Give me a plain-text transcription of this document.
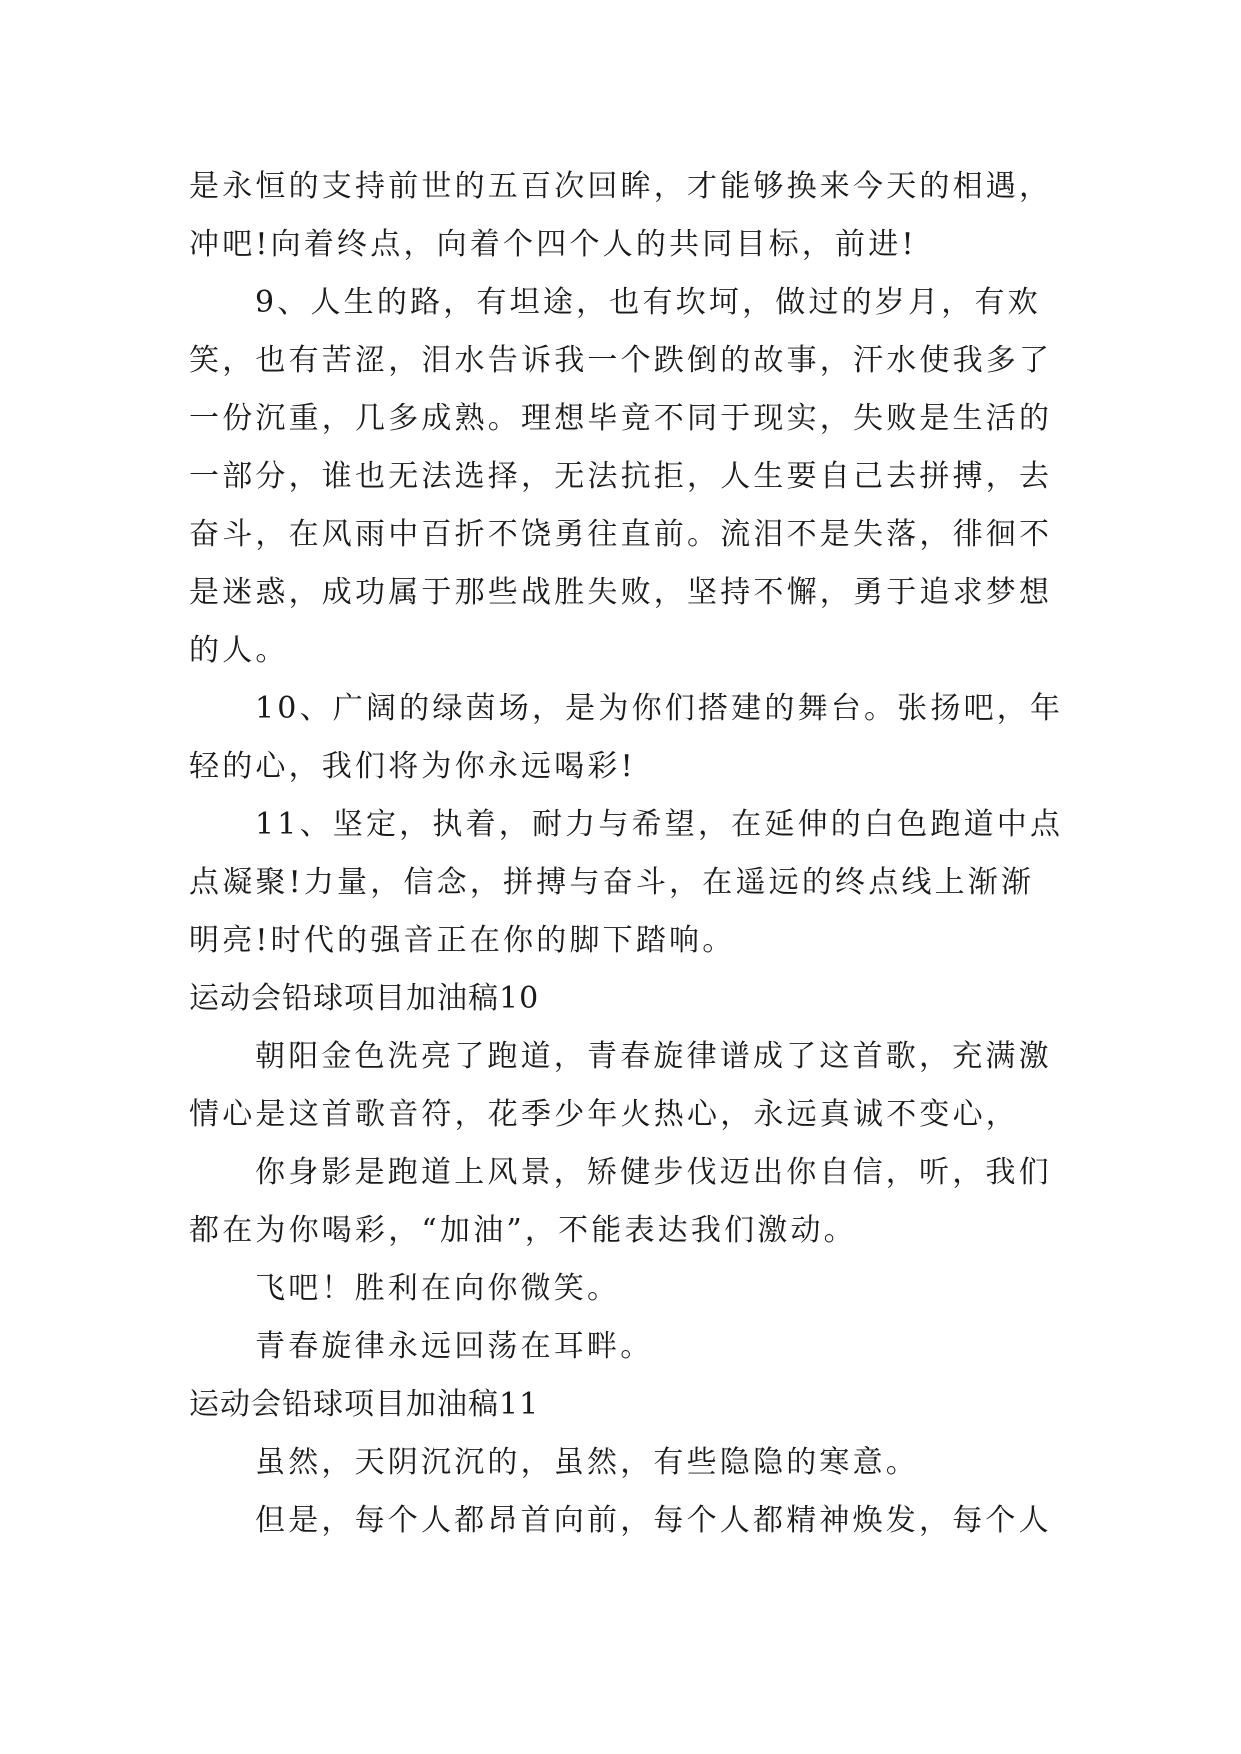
是永恒的支持前世的五百次回眸，才能够换来今天的相遇，
冲吧!向着终点，向着个四个人的共同目标，前进!
9、人生的路，有坦途，也有坎坷，做过的岁月，有欢
笑，也有苦涩，泪水告诉我一个跌倒的故事，汗水使我多了
一份沉重，几多成熟。理想毕竟不同于现实，失败是生活的
一部分，谁也无法选择，无法抗拒，人生要自己去拼搏，去
奋斗，在风雨中百折不饶勇往直前。流泪不是失落，徘徊不
是迷惑，成功属于那些战胜失败，坚持不懈，勇于追求梦想
的人。
10、广阔的绿茵场，是为你们搭建的舞台。张扬吧，年
轻的心，我们将为你永远喝彩!
11、坚定，执着，耐力与希望，在延伸的白色跑道中点
点凝聚!力量，信念，拼搏与奋斗，在遥远的终点线上渐渐
明亮!时代的强音正在你的脚下踏响。
运动会铅球项目加油稿10
朝阳金色洗亮了跑道，青春旋律谱成了这首歌，充满激
情心是这首歌音符，花季少年火热心，永远真诚不变心，
你身影是跑道上风景，矫健步伐迈出你自信，听，我们
都在为你喝彩，“加油”，不能表达我们激动。
飞吧！胜利在向你微笑。
青春旋律永远回荡在耳畔。
运动会铅球项目加油稿11
虽然，天阴沉沉的，虽然，有些隐隐的寒意。
但是，每个人都昂首向前，每个人都精神焕发，每个人
